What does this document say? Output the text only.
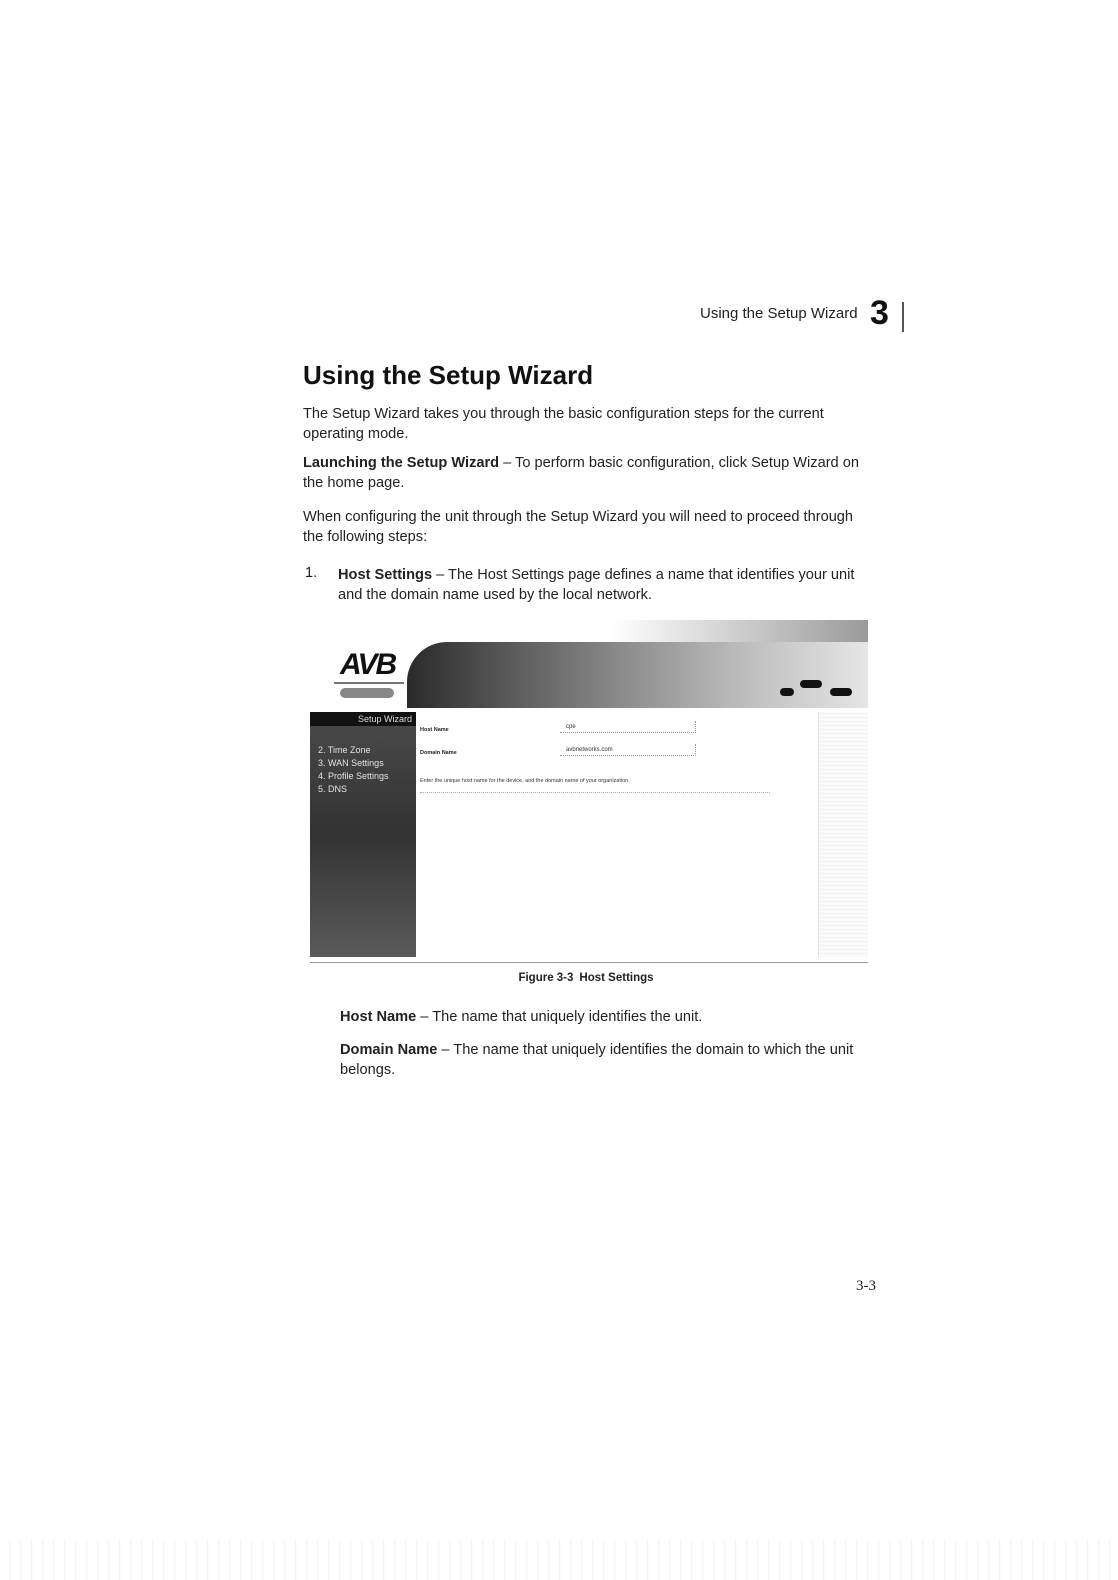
Using the Setup Wizard 3
Using the Setup Wizard

The Setup Wizard takes you through the basic configuration steps for the current operating mode.

Launching the Setup Wizard – To perform basic configuration, click Setup Wizard on the home page.

When configuring the unit through the Setup Wizard you will need to proceed through the following steps:

1. Host Settings – The Host Settings page defines a name that identifies your unit and the domain name used by the local network.
AVB
Setup Wizard
2. Time Zone
3. WAN Settings
4. Profile Settings
5. DNS
Host Name	cpe
Domain Name	avbnetworks.com
Enter the unique host name for the device, and the domain name of your organization.
Figure 3-3 Host Settings

Host Name – The name that uniquely identifies the unit.

Domain Name – The name that uniquely identifies the domain to which the unit belongs.

3-3
